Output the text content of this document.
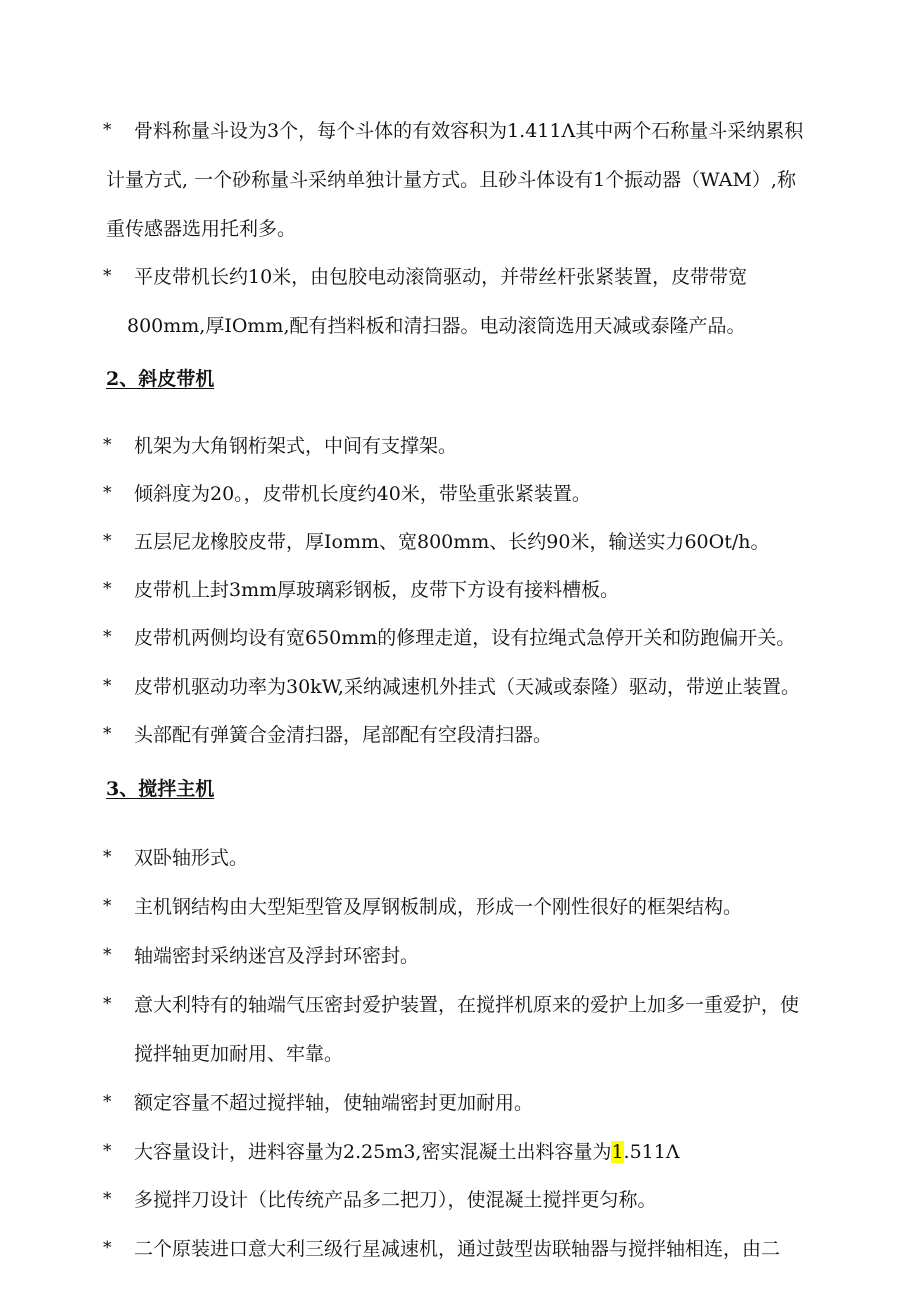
* 骨料称量斗设为3个，每个斗体的有效容积为1.411Λ其中两个石称量斗采纳累积
计量方式, 一个砂称量斗采纳单独计量方式。且砂斗体设有1个振动器（WAM）,称
重传感器选用托利多。
* 平皮带机长约10米，由包胶电动滚筒驱动，并带丝杆张紧装置，皮带带宽
800mm,厚IOmm,配有挡料板和清扫器。电动滚筒选用天减或泰隆产品。
2、斜皮带机
* 机架为大角钢桁架式，中间有支撑架。
* 倾斜度为20。，皮带机长度约40米，带坠重张紧装置。
* 五层尼龙橡胶皮带，厚Iomm、宽800mm、长约90米，输送实力60Ot/h。
* 皮带机上封3mm厚玻璃彩钢板，皮带下方设有接料槽板。
* 皮带机两侧均设有宽650mm的修理走道，设有拉绳式急停开关和防跑偏开关。
* 皮带机驱动功率为30kW,采纳减速机外挂式（天减或泰隆）驱动，带逆止装置。
* 头部配有弹簧合金清扫器，尾部配有空段清扫器。
3、搅拌主机
* 双卧轴形式。
* 主机钢结构由大型矩型管及厚钢板制成，形成一个刚性很好的框架结构。
* 轴端密封采纳迷宫及浮封环密封。
* 意大利特有的轴端气压密封爱护装置，在搅拌机原来的爱护上加多一重爱护，使
搅拌轴更加耐用、牢靠。
* 额定容量不超过搅拌轴，使轴端密封更加耐用。
* 大容量设计，进料容量为2.25m3,密实混凝土出料容量为1.511Λ
* 多搅拌刀设计（比传统产品多二把刀），使混凝土搅拌更匀称。
* 二个原装进口意大利三级行星减速机，通过鼓型齿联轴器与搅拌轴相连，由二
